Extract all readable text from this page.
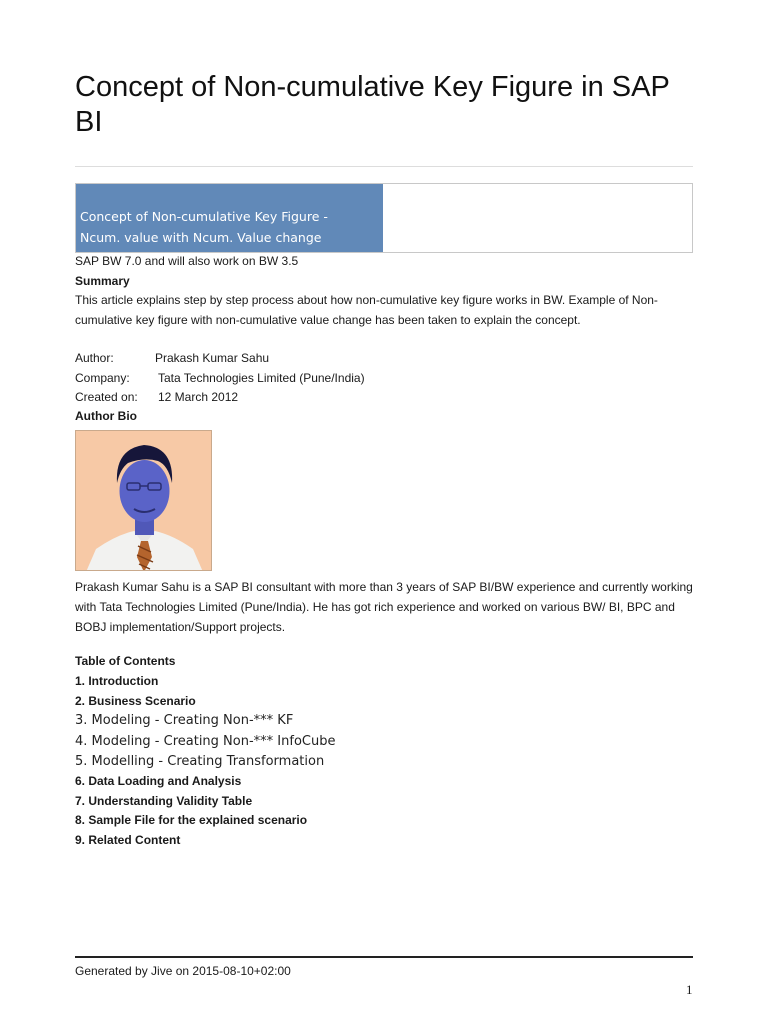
Concept of Non-cumulative Key Figure in SAP BI
Concept of Non-cumulative Key Figure -
Ncum. value with Ncum. Value change
SAP BW 7.0 and will also work on BW 3.5
Summary
This article explains step by step process about how non-cumulative key figure works in BW. Example of Non-cumulative key figure with non-cumulative value change has been taken to explain the concept.
Author:	Prakash Kumar Sahu
Company: Tata Technologies Limited (Pune/India)
Created on: 12 March 2012
Author Bio
Prakash Kumar Sahu is a SAP BI consultant with more than 3 years of SAP BI/BW experience and currently working with Tata Technologies Limited (Pune/India). He has got rich experience and worked on various BW/ BI, BPC and BOBJ implementation/Support projects.
Table of Contents
1. Introduction
2. Business Scenario
3. Modeling - Creating Non-*** KF
4. Modeling - Creating Non-*** InfoCube
5. Modelling - Creating Transformation
6. Data Loading and Analysis
7. Understanding Validity Table
8. Sample File for the explained scenario
9. Related Content
Generated by Jive on 2015-08-10+02:00
1
